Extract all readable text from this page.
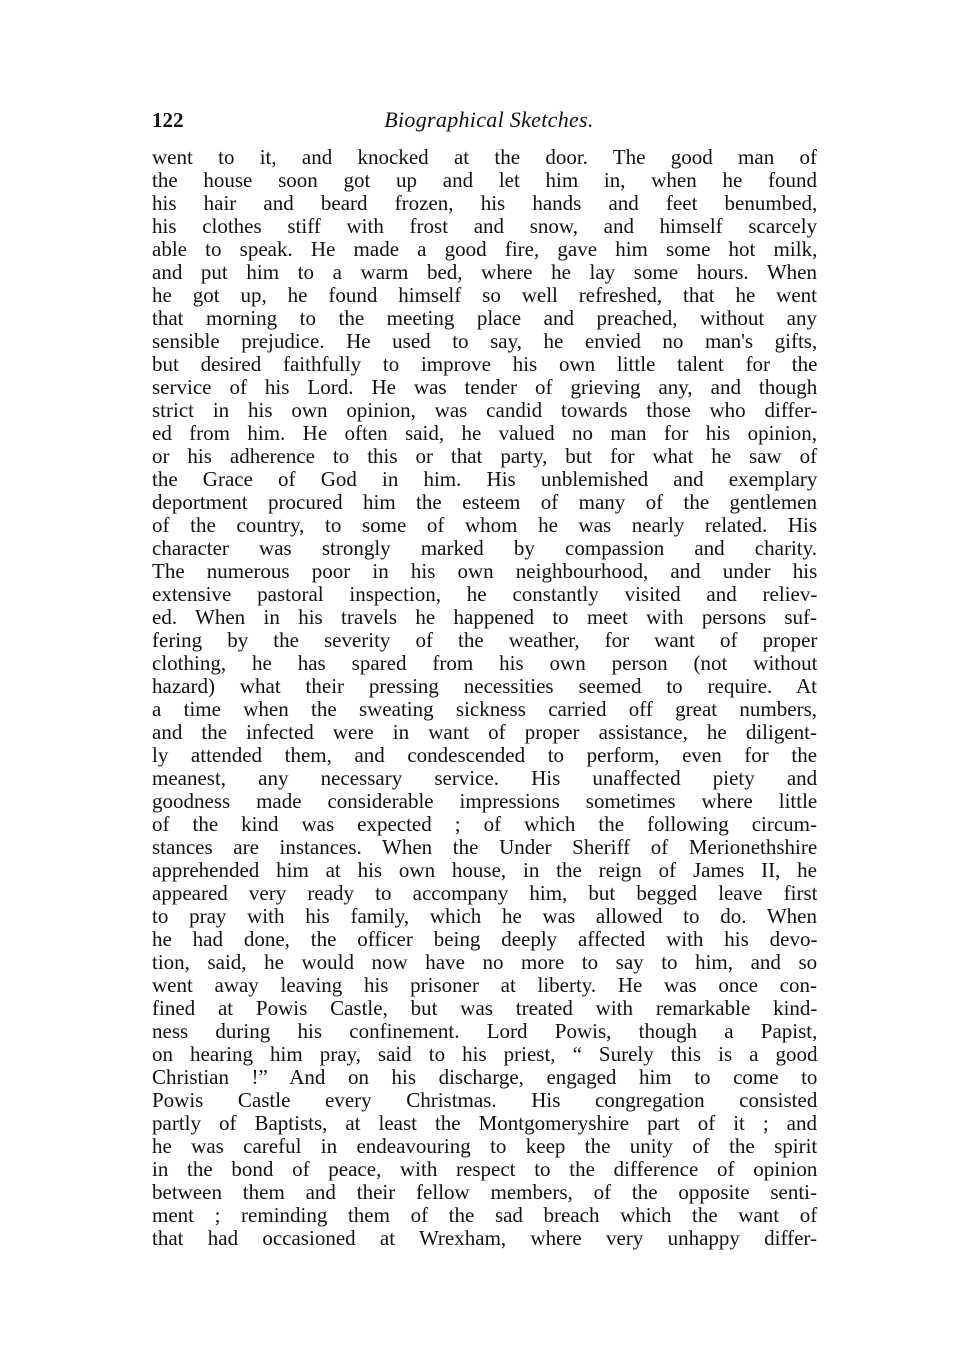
122	Biographical Sketches.
went to it, and knocked at the door. The good man of
the house soon got up and let him in, when he found
his hair and beard frozen, his hands and feet benumbed,
his clothes stiff with frost and snow, and himself scarcely
able to speak. He made a good fire, gave him some hot milk,
and put him to a warm bed, where he lay some hours. When
he got up, he found himself so well refreshed, that he went
that morning to the meeting place and preached, without any
sensible prejudice. He used to say, he envied no man's gifts,
but desired faithfully to improve his own little talent for the
service of his Lord. He was tender of grieving any, and though
strict in his own opinion, was candid towards those who differ-
ed from him. He often said, he valued no man for his opinion,
or his adherence to this or that party, but for what he saw of
the Grace of God in him. His unblemished and exemplary
deportment procured him the esteem of many of the gentlemen
of the country, to some of whom he was nearly related. His
character was strongly marked by compassion and charity.
The numerous poor in his own neighbourhood, and under his
extensive pastoral inspection, he constantly visited and reliev-
ed. When in his travels he happened to meet with persons suf-
fering by the severity of the weather, for want of proper
clothing, he has spared from his own person (not without
hazard) what their pressing necessities seemed to require. At
a time when the sweating sickness carried off great numbers,
and the infected were in want of proper assistance, he diligent-
ly attended them, and condescended to perform, even for the
meanest, any necessary service. His unaffected piety and
goodness made considerable impressions sometimes where little
of the kind was expected ; of which the following circum-
stances are instances. When the Under Sheriff of Merionethshire
apprehended him at his own house, in the reign of James II, he
appeared very ready to accompany him, but begged leave first
to pray with his family, which he was allowed to do. When
he had done, the officer being deeply affected with his devo-
tion, said, he would now have no more to say to him, and so
went away leaving his prisoner at liberty. He was once con-
fined at Powis Castle, but was treated with remarkable kind-
ness during his confinement. Lord Powis, though a Papist,
on hearing him pray, said to his priest, “ Surely this is a good
Christian !” And on his discharge, engaged him to come to
Powis Castle every Christmas. His congregation consisted
partly of Baptists, at least the Montgomeryshire part of it ; and
he was careful in endeavouring to keep the unity of the spirit
in the bond of peace, with respect to the difference of opinion
between them and their fellow members, of the opposite senti-
ment ; reminding them of the sad breach which the want of
that had occasioned at Wrexham, where very unhappy differ-
